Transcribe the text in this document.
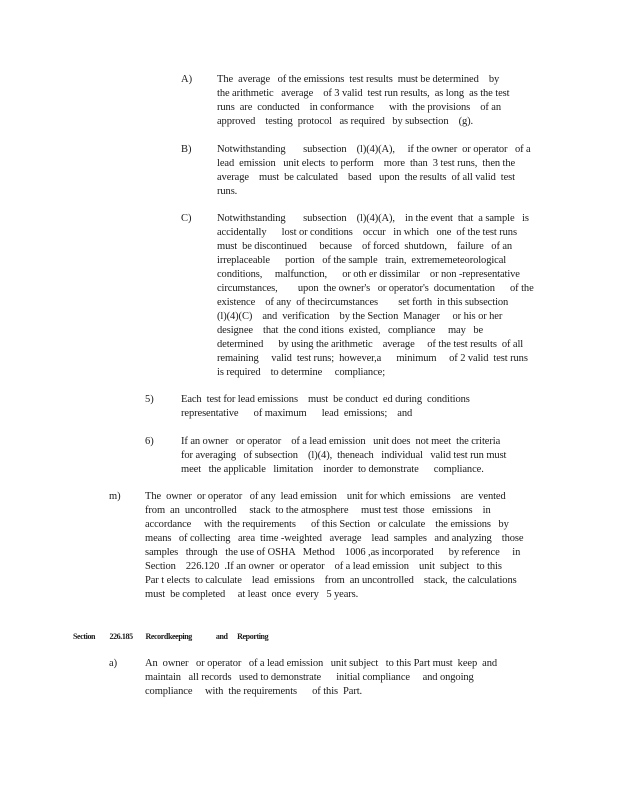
A) The  average   of the emissions  test results  must be determined    by
the arithmetic   average    of 3 valid  test run results,  as long  as the test
runs  are  conducted    in conformance      with  the provisions    of an
approved    testing  protocol   as required   by subsection    (g).
B) Notwithstanding       subsection    (l)(4)(A),     if the owner  or operator   of a
lead  emission   unit elects  to perform    more  than  3 test runs,  then the
average    must  be calculated    based   upon  the results  of all valid  test
runs.
C) Notwithstanding       subsection    (l)(4)(A),    in the event  that  a sample   is
accidentally      lost or conditions    occur   in which   one  of the test runs
must  be discontinued     because    of forced  shutdown,    failure   of an
irreplaceable      portion   of the sample   train,  extrememeteorological
conditions,     malfunction,      or oth er dissimilar    or non -representative
circumstances,        upon  the owner's   or operator's  documentation      of the
existence    of any  of thecircumstances        set forth  in this subsection
(l)(4)(C)    and  verification    by the Section  Manager     or his or her
designee    that  the cond itions  existed,   compliance     may   be
determined      by using the arithmetic    average     of the test results  of all
remaining     valid  test runs;  however,a      minimum     of 2 valid  test runs
is required    to determine     compliance;
5)	Each  test for lead emissions    must  be conduct  ed during  conditions
representative      of maximum      lead  emissions;    and
6)	If an owner   or operator    of a lead emission   unit does  not meet  the criteria
for averaging   of subsection    (l)(4),  theneach   individual   valid test run must
meet   the applicable   limitation    inorder  to demonstrate      compliance.
m) The  owner  or operator   of any  lead emission    unit for which  emissions    are  vented
from  an  uncontrolled     stack  to the atmosphere     must test  those   emissions    in
accordance     with  the requirements      of this Section   or calculate    the emissions   by
means   of collecting   area  time -weighted   average    lead  samples   and analyzing    those
samples   through   the use of OSHA   Method    1006 ,as incorporated      by reference     in
Section    226.120  .If an owner  or operator    of a lead emission    unit  subject   to this
Par t elects  to calculate    lead  emissions    from  an uncontrolled    stack,  the calculations
must  be completed     at least  once  every   5 years.
Section         226.185        Recordkeeping               and      Reporting
a)	An  owner   or operator   of a lead emission   unit subject   to this Part must  keep  and
maintain   all records   used to demonstrate      initial compliance     and ongoing
compliance     with  the requirements      of this  Part.
